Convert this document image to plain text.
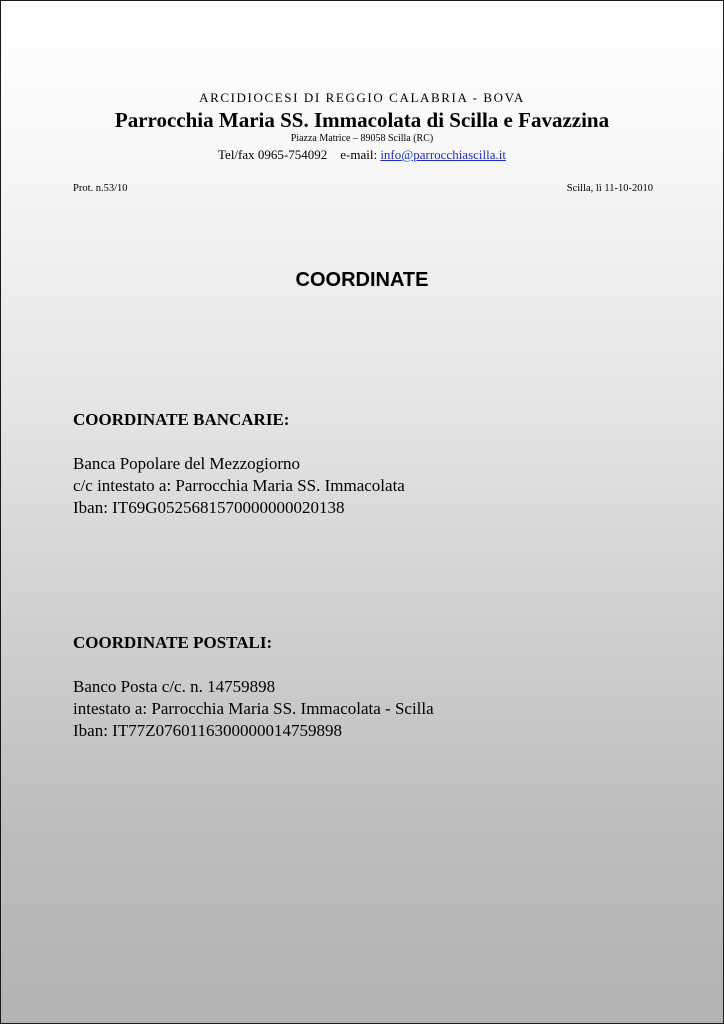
ARCIDIOCESI DI REGGIO CALABRIA - BOVA
Parrocchia Maria SS. Immacolata di Scilla e Favazzina
Piazza Matrice – 89058 Scilla (RC)
Tel/fax 0965-754092 e-mail: info@parrocchiascilla.it
Prot. n.53/10	Scilla, lì 11-10-2010
COORDINATE
COORDINATE BANCARIE:
Banca Popolare del Mezzogiorno
c/c intestato a: Parrocchia Maria SS. Immacolata
Iban: IT69G0525681570000000020138
COORDINATE POSTALI:
Banco Posta c/c. n. 14759898
intestato a: Parrocchia Maria SS. Immacolata - Scilla
Iban: IT77Z0760116300000014759898
